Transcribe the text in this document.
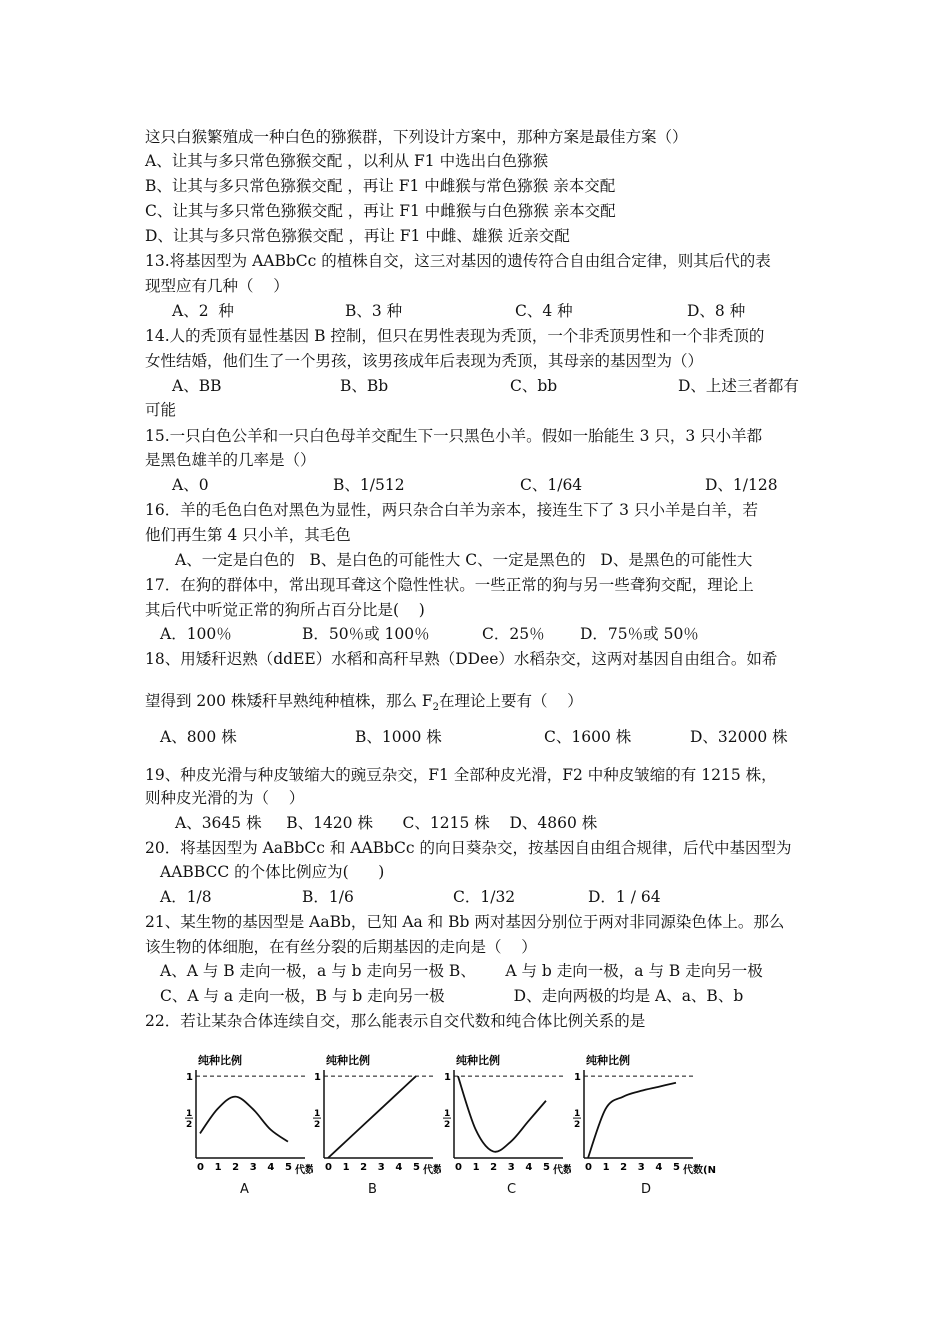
这只白猴繁殖成一种白色的猕猴群，下列设计方案中，那种方案是最佳方案（）
A、让其与多只常色猕猴交配 ，以利从 F1 中选出白色猕猴
B、让其与多只常色猕猴交配 ，再让 F1 中雌猴与常色猕猴 亲本交配
C、让其与多只常色猕猴交配 ，再让 F1 中雌猴与白色猕猴 亲本交配
D、让其与多只常色猕猴交配 ，再让 F1 中雌、雄猴 近亲交配
13.将基因型为 AABbCc 的植株自交，这三对基因的遗传符合自由组合定律，则其后代的表
现型应有几种（    ）
A、2  种	B、3 种	C、4 种	D、8 种
14.人的秃顶有显性基因 B 控制，但只在男性表现为秃顶，一个非秃顶男性和一个非秃顶的
女性结婚，他们生了一个男孩，该男孩成年后表现为秃顶，其母亲的基因型为（）
A、BB	B、Bb	C、bb	D、上述三者都有
可能
15.一只白色公羊和一只白色母羊交配生下一只黑色小羊。假如一胎能生 3 只，3 只小羊都
是黑色雄羊的几率是（）
A、0	B、1/512	C、1/64	D、1/128
16．羊的毛色白色对黑色为显性，两只杂合白羊为亲本，接连生下了 3 只小羊是白羊，若
他们再生第 4 只小羊，其毛色
A、一定是白色的   B、是白色的可能性大 C、一定是黑色的   D、是黑色的可能性大
17．在狗的群体中，常出现耳聋这个隐性性状。一些正常的狗与另一些聋狗交配，理论上
其后代中听觉正常的狗所占百分比是(    )
A．100％	B．50％或 100％	C．25％ D．75％或 50％
18、用矮秆迟熟（ddEE）水稻和高秆早熟（DDee）水稻杂交，这两对基因自由组合。如希
望得到 200 株矮秆早熟纯种植株，那么 $F_2$在理论上要有（    ）
A、800 株	B、1000 株	C、1600 株	D、32000 株
19、种皮光滑与种皮皱缩大的豌豆杂交，F1 全部种皮光滑，F2 中种皮皱缩的有 1215 株，
则种皮光滑的为（    ）
A、3645 株     B、1420 株      C、1215 株    D、4860 株
20．将基因型为 AaBbCc 和 AABbCc 的向日葵杂交，按基因自由组合规律，后代中基因型为
AABBCC 的个体比例应为(      )
A．1/8	B．1/6	C．1/32	D．1 / 64
21、某生物的基因型是 AaBb，已知 Aa 和 Bb 两对基因分别位于两对非同源染色体上。那么
该生物的体细胞，在有丝分裂的后期基因的走向是（    ）
A、A 与 B 走向一极，a 与 b 走向另一极 B、      A 与 b 走向一极，a 与 B 走向另一极
C、A 与 a 走向一极，B 与 b 走向另一极              D、走向两极的均是 A、a、B、b
22．若让某杂合体连续自交，那么能表示自交代数和纯合体比例关系的是
纯种比例
1
1
2
0 1 2 3 4 5 代数
纯种比例
1
1
2
0 1 2 3 4 5 代数
纯种比例
1
1
2
0 1 2 3 4 5 代数
纯种比例
1
1
2
0 1 2 3 4 5 代数(N
A	B	C	D
